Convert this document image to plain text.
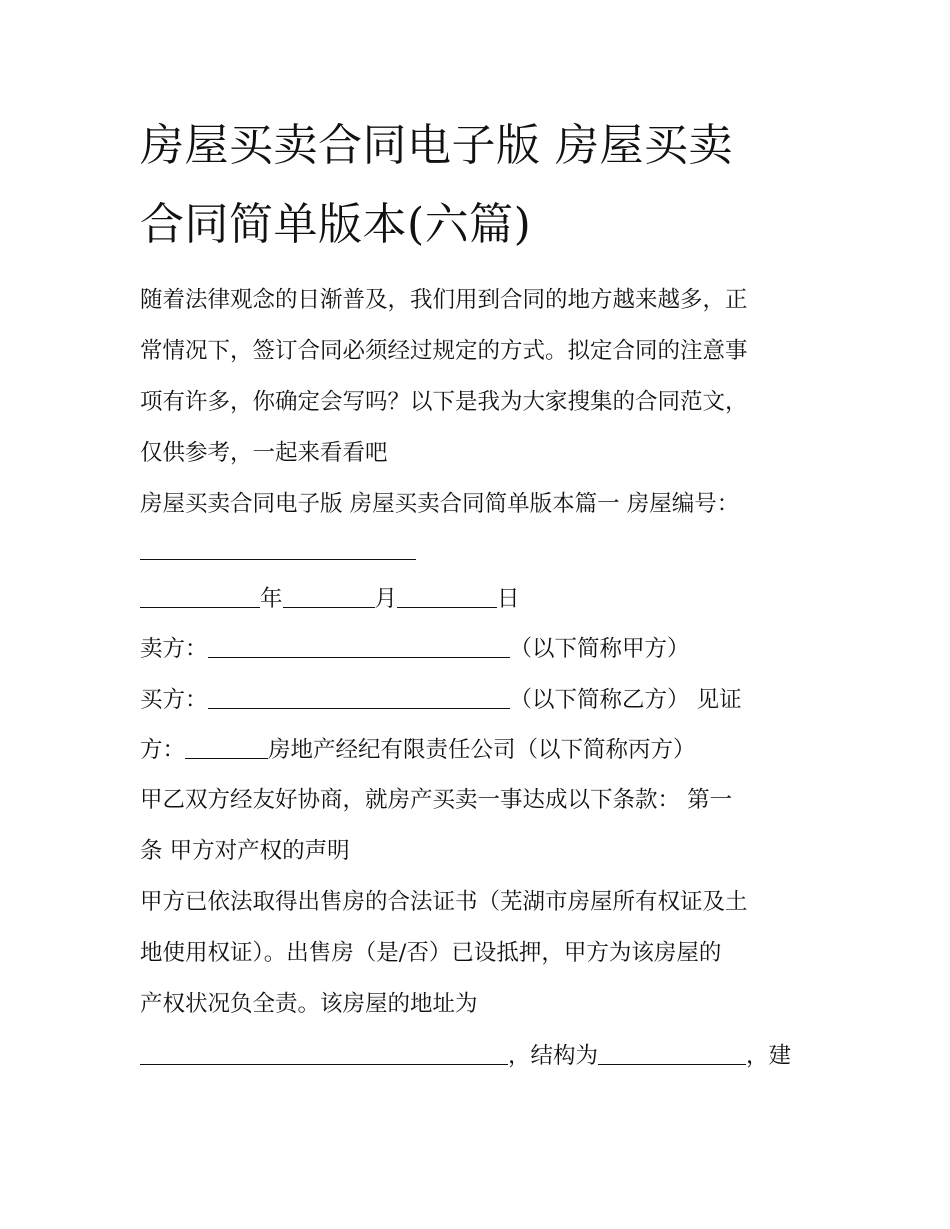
房屋买卖合同电子版 房屋买卖
合同简单版本(六篇)
随着法律观念的日渐普及，我们用到合同的地方越来越多，正
常情况下，签订合同必须经过规定的方式。拟定合同的注意事
项有许多，你确定会写吗？以下是我为大家搜集的合同范文，
仅供参考，一起来看看吧
房屋买卖合同电子版 房屋买卖合同简单版本篇一 房屋编号：
年	月	日
卖方：	（以下简称甲方）
买方：	（以下简称乙方） 见证
方：	房地产经纪有限责任公司（以下简称丙方）
甲乙双方经友好协商，就房产买卖一事达成以下条款： 第一
条 甲方对产权的声明
甲方已依法取得出售房的合法证书（芜湖市房屋所有权证及土
地使用权证）。出售房（是/否）已设抵押，甲方为该房屋的
产权状况负全责。该房屋的地址为
，结构为	，建
